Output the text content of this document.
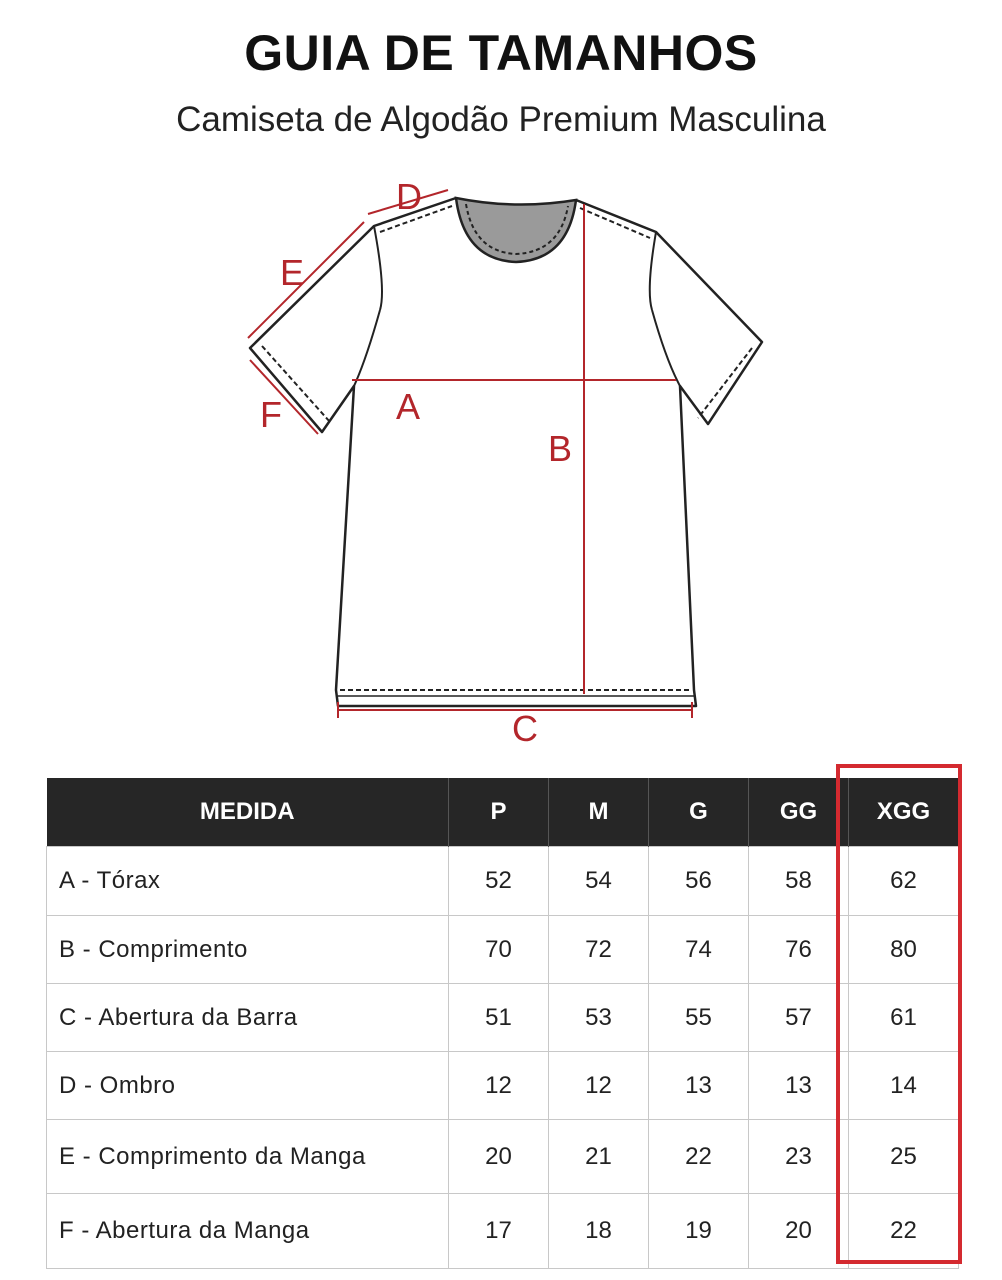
GUIA DE TAMANHOS
Camiseta de Algodão Premium Masculina
D
E
A
F
B
C
MEDIDA	P	M	G	GG	XGG
A - Tórax	52	54	56	58	62
B - Comprimento	70	72	74	76	80
C - Abertura da Barra	51	53	55	57	61
D - Ombro	12	12	13	13	14
E - Comprimento da Manga	20	21	22	23	25
F - Abertura da Manga	17	18	19	20	22
